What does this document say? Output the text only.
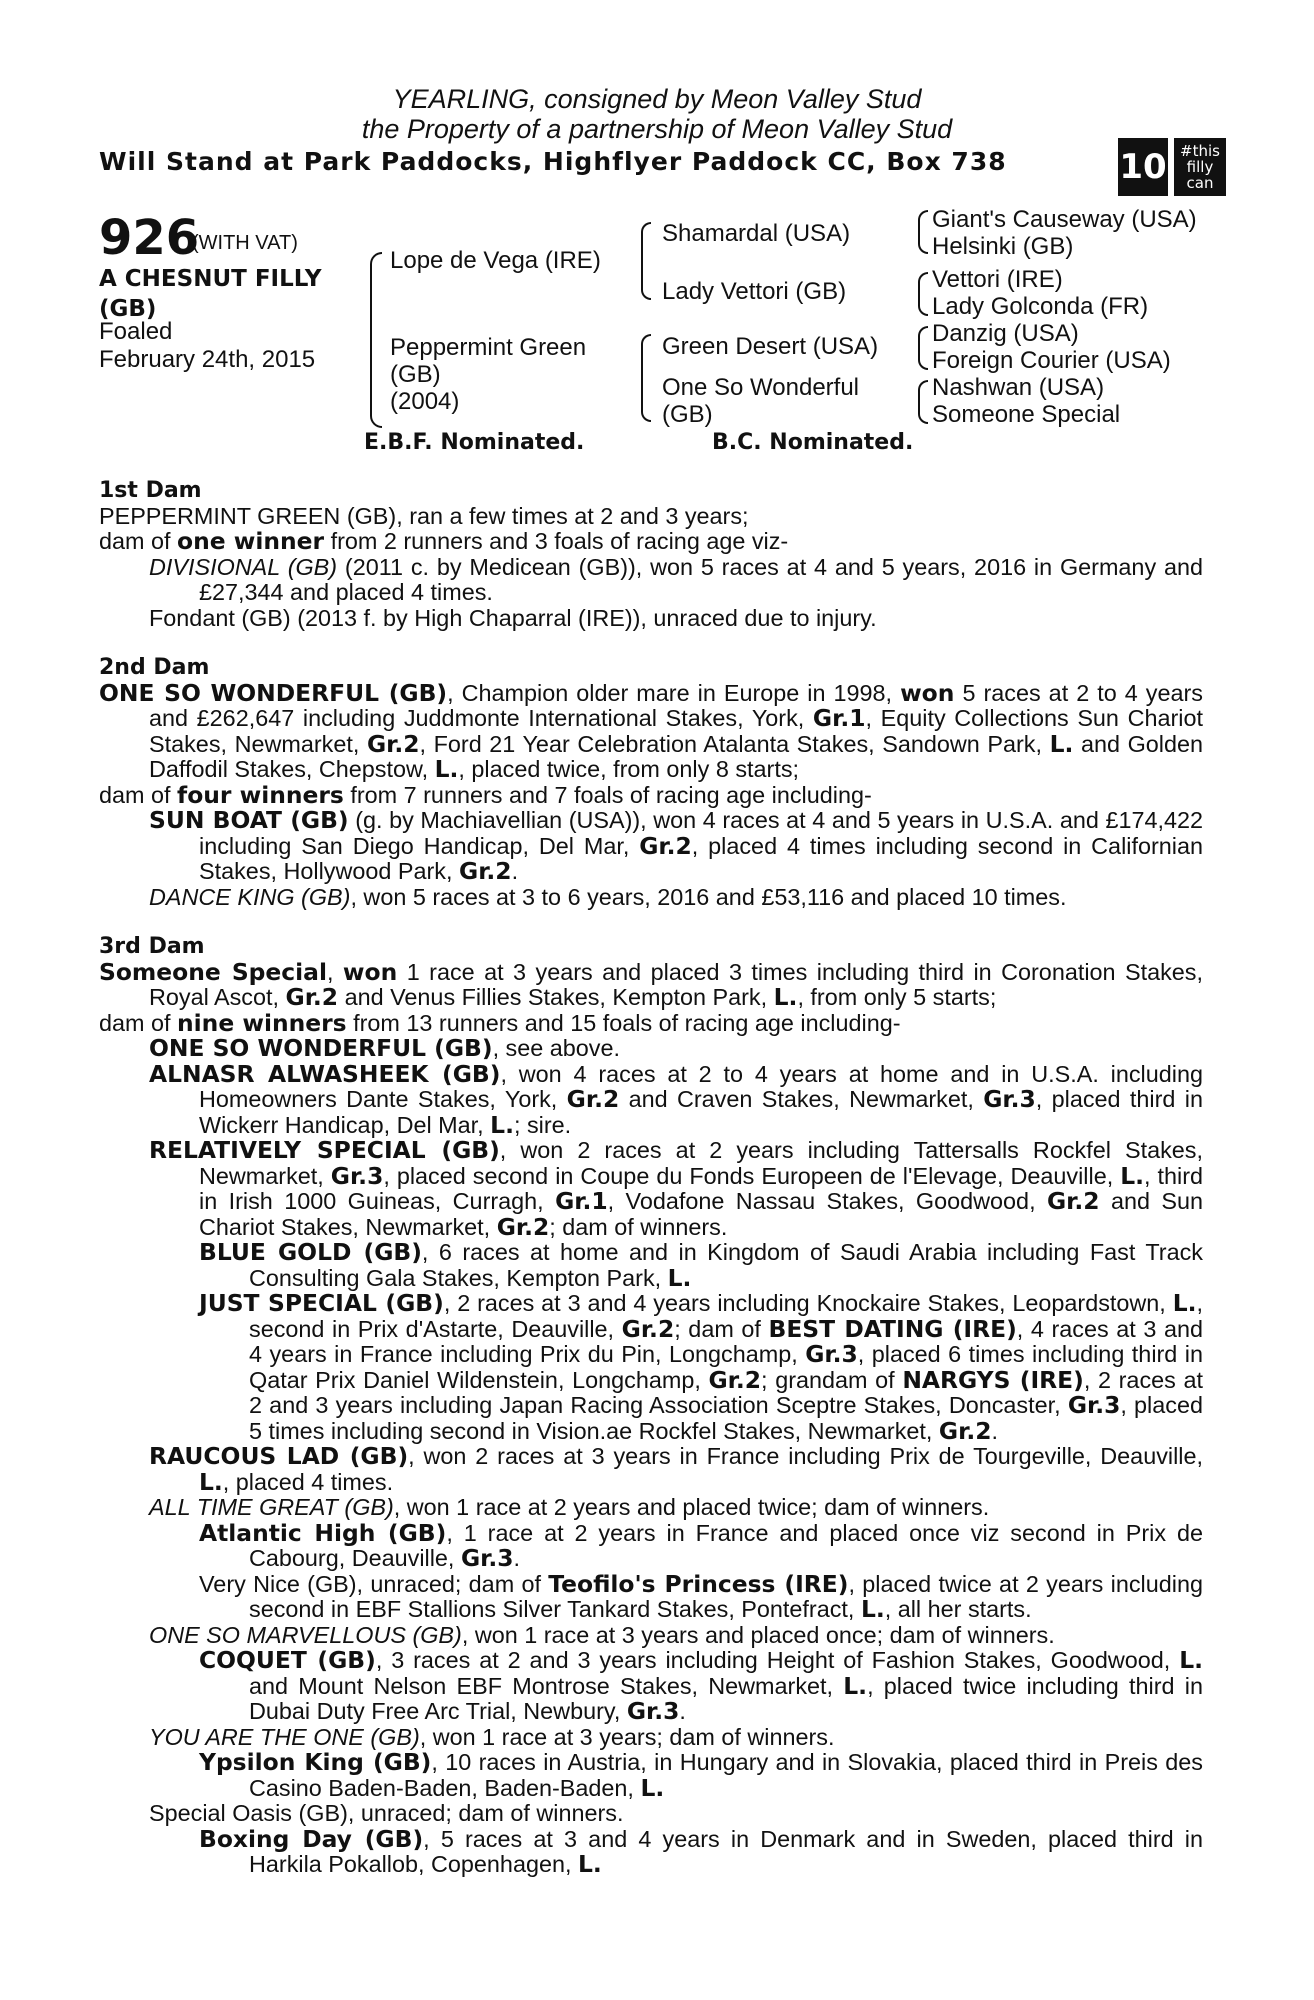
YEARLING, consigned by Meon Valley Stud
the Property of a partnership of Meon Valley Stud
Will Stand at Park Paddocks, Highflyer Paddock CC, Box 738	10 #this
filly
can
926
(WITH VAT)
A CHESNUT FILLY
(GB)
Foaled
February 24th, 2015
Lope de Vega (IRE)
Peppermint Green
(GB)
(2004)
Shamardal (USA)
Lady Vettori (GB)
Green Desert (USA)
One So Wonderful
(GB)
Giant's Causeway (USA)
Helsinki (GB)
Vettori (IRE)
Lady Golconda (FR)
Danzig (USA)
Foreign Courier (USA)
Nashwan (USA)
Someone Special
E.B.F. Nominated.	B.C. Nominated.
1st Dam
PEPPERMINT GREEN (GB), ran a few times at 2 and 3 years;
dam of one winner from 2 runners and 3 foals of racing age viz-
DIVISIONAL (GB) (2011 c. by Medicean (GB)), won 5 races at 4 and 5 years, 2016 in Germany and £27,344 and placed 4 times.
Fondant (GB) (2013 f. by High Chaparral (IRE)), unraced due to injury.
2nd Dam
ONE SO WONDERFUL (GB), Champion older mare in Europe in 1998, won 5 races at 2 to 4 years and £262,647 including Juddmonte International Stakes, York, Gr.1, Equity Collections Sun Chariot Stakes, Newmarket, Gr.2, Ford 21 Year Celebration Atalanta Stakes, Sandown Park, L. and Golden Daffodil Stakes, Chepstow, L., placed twice, from only 8 starts;
dam of four winners from 7 runners and 7 foals of racing age including-
SUN BOAT (GB) (g. by Machiavellian (USA)), won 4 races at 4 and 5 years in U.S.A. and £174,422 including San Diego Handicap, Del Mar, Gr.2, placed 4 times including second in Californian Stakes, Hollywood Park, Gr.2.
DANCE KING (GB), won 5 races at 3 to 6 years, 2016 and £53,116 and placed 10 times.
3rd Dam
Someone Special, won 1 race at 3 years and placed 3 times including third in Coronation Stakes, Royal Ascot, Gr.2 and Venus Fillies Stakes, Kempton Park, L., from only 5 starts;
dam of nine winners from 13 runners and 15 foals of racing age including-
ONE SO WONDERFUL (GB), see above.
ALNASR ALWASHEEK (GB), won 4 races at 2 to 4 years at home and in U.S.A. including Homeowners Dante Stakes, York, Gr.2 and Craven Stakes, Newmarket, Gr.3, placed third in Wickerr Handicap, Del Mar, L.; sire.
RELATIVELY SPECIAL (GB), won 2 races at 2 years including Tattersalls Rockfel Stakes, Newmarket, Gr.3, placed second in Coupe du Fonds Europeen de l'Elevage, Deauville, L., third in Irish 1000 Guineas, Curragh, Gr.1, Vodafone Nassau Stakes, Goodwood, Gr.2 and Sun Chariot Stakes, Newmarket, Gr.2; dam of winners.
BLUE GOLD (GB), 6 races at home and in Kingdom of Saudi Arabia including Fast Track Consulting Gala Stakes, Kempton Park, L.
JUST SPECIAL (GB), 2 races at 3 and 4 years including Knockaire Stakes, Leopardstown, L., second in Prix d'Astarte, Deauville, Gr.2; dam of BEST DATING (IRE), 4 races at 3 and 4 years in France including Prix du Pin, Longchamp, Gr.3, placed 6 times including third in Qatar Prix Daniel Wildenstein, Longchamp, Gr.2; grandam of NARGYS (IRE), 2 races at 2 and 3 years including Japan Racing Association Sceptre Stakes, Doncaster, Gr.3, placed 5 times including second in Vision.ae Rockfel Stakes, Newmarket, Gr.2.
RAUCOUS LAD (GB), won 2 races at 3 years in France including Prix de Tourgeville, Deauville, L., placed 4 times.
ALL TIME GREAT (GB), won 1 race at 2 years and placed twice; dam of winners.
Atlantic High (GB), 1 race at 2 years in France and placed once viz second in Prix de Cabourg, Deauville, Gr.3.
Very Nice (GB), unraced; dam of Teofilo's Princess (IRE), placed twice at 2 years including second in EBF Stallions Silver Tankard Stakes, Pontefract, L., all her starts.
ONE SO MARVELLOUS (GB), won 1 race at 3 years and placed once; dam of winners.
COQUET (GB), 3 races at 2 and 3 years including Height of Fashion Stakes, Goodwood, L. and Mount Nelson EBF Montrose Stakes, Newmarket, L., placed twice including third in Dubai Duty Free Arc Trial, Newbury, Gr.3.
YOU ARE THE ONE (GB), won 1 race at 3 years; dam of winners.
Ypsilon King (GB), 10 races in Austria, in Hungary and in Slovakia, placed third in Preis des Casino Baden-Baden, Baden-Baden, L.
Special Oasis (GB), unraced; dam of winners.
Boxing Day (GB), 5 races at 3 and 4 years in Denmark and in Sweden, placed third in Harkila Pokallob, Copenhagen, L.
